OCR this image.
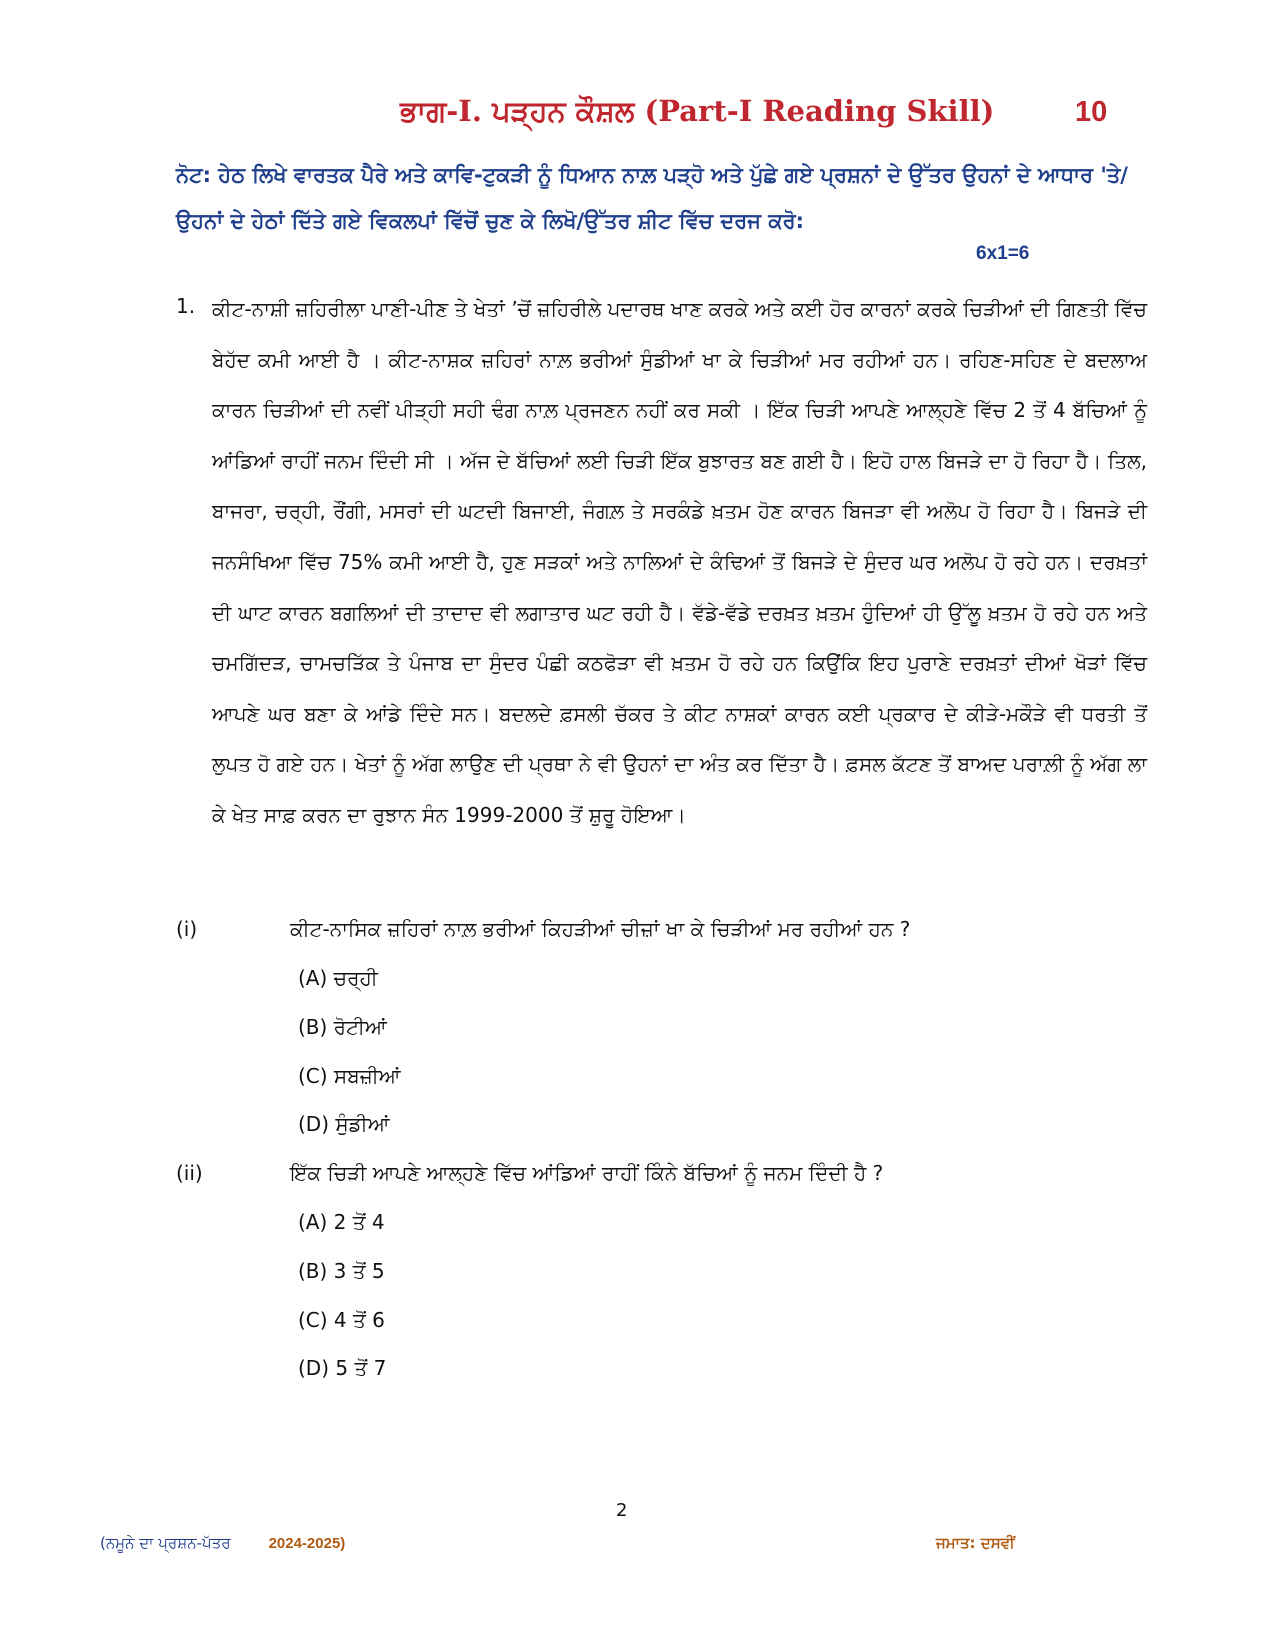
ਭਾਗ-I. ਪੜ੍ਹਨ ਕੌਸ਼ਲ (Part-I Reading Skill)	10
ਨੋਟ: ਹੇਠ ਲਿਖੇ ਵਾਰਤਕ ਪੈਰੇ ਅਤੇ ਕਾਵਿ-ਟੁਕੜੀ ਨੂੰ ਧਿਆਨ ਨਾਲ਼ ਪੜ੍ਹੋ ਅਤੇ ਪੁੱਛੇ ਗਏ ਪ੍ਰਸ਼ਨਾਂ ਦੇ ਉੱਤਰ ਉਹਨਾਂ ਦੇ ਆਧਾਰ 'ਤੇ/ ਉਹਨਾਂ ਦੇ ਹੇਠਾਂ ਦਿੱਤੇ ਗਏ ਵਿਕਲਪਾਂ ਵਿੱਚੋਂ ਚੁਣ ਕੇ ਲਿਖੋ/ਉੱਤਰ ਸ਼ੀਟ ਵਿੱਚ ਦਰਜ ਕਰੋ:
6x1=6
1. ਕੀਟ-ਨਾਸ਼ੀ ਜ਼ਹਿਰੀਲਾ ਪਾਣੀ-ਪੀਣ ਤੇ ਖੇਤਾਂ ’ਚੋਂ ਜ਼ਹਿਰੀਲੇ ਪਦਾਰਥ ਖਾਣ ਕਰਕੇ ਅਤੇ ਕਈ ਹੋਰ ਕਾਰਨਾਂ ਕਰਕੇ ਚਿੜੀਆਂ ਦੀ ਗਿਣਤੀ ਵਿੱਚ ਬੇਹੱਦ ਕਮੀ ਆਈ ਹੈ । ਕੀਟ-ਨਾਸ਼ਕ ਜ਼ਹਿਰਾਂ ਨਾਲ਼ ਭਰੀਆਂ ਸੁੰਡੀਆਂ ਖਾ ਕੇ ਚਿੜੀਆਂ ਮਰ ਰਹੀਆਂ ਹਨ। ਰਹਿਣ-ਸਹਿਣ ਦੇ ਬਦਲਾਅ ਕਾਰਨ ਚਿੜੀਆਂ ਦੀ ਨਵੀਂ ਪੀੜ੍ਹੀ ਸਹੀ ਢੰਗ ਨਾਲ਼ ਪ੍ਰਜਣਨ ਨਹੀਂ ਕਰ ਸਕੀ । ਇੱਕ ਚਿੜੀ ਆਪਣੇ ਆਲ੍ਹਣੇ ਵਿੱਚ 2 ਤੋਂ 4 ਬੱਚਿਆਂ ਨੂੰ ਆਂਡਿਆਂ ਰਾਹੀਂ ਜਨਮ ਦਿੰਦੀ ਸੀ । ਅੱਜ ਦੇ ਬੱਚਿਆਂ ਲਈ ਚਿੜੀ ਇੱਕ ਬੁਝਾਰਤ ਬਣ ਗਈ ਹੈ। ਇਹੋ ਹਾਲ ਬਿਜੜੇ ਦਾ ਹੋ ਰਿਹਾ ਹੈ। ਤਿਲ, ਬਾਜਰਾ, ਚਰ੍ਹੀ, ਰੌਂਗੀ, ਮਸਰਾਂ ਦੀ ਘਟਦੀ ਬਿਜਾਈ, ਜੰਗਲ਼ ਤੇ ਸਰਕੰਡੇ ਖ਼ਤਮ ਹੋਣ ਕਾਰਨ ਬਿਜੜਾ ਵੀ ਅਲੋਪ ਹੋ ਰਿਹਾ ਹੈ। ਬਿਜੜੇ ਦੀ ਜਨਸੰਖਿਆ ਵਿੱਚ 75% ਕਮੀ ਆਈ ਹੈ, ਹੁਣ ਸੜਕਾਂ ਅਤੇ ਨਾਲਿਆਂ ਦੇ ਕੰਢਿਆਂ ਤੋਂ ਬਿਜੜੇ ਦੇ ਸੁੰਦਰ ਘਰ ਅਲੋਪ ਹੋ ਰਹੇ ਹਨ। ਦਰਖ਼ਤਾਂ ਦੀ ਘਾਟ ਕਾਰਨ ਬਗਲਿਆਂ ਦੀ ਤਾਦਾਦ ਵੀ ਲਗਾਤਾਰ ਘਟ ਰਹੀ ਹੈ। ਵੱਡੇ-ਵੱਡੇ ਦਰਖ਼ਤ ਖ਼ਤਮ ਹੁੰਦਿਆਂ ਹੀ ਉੱਲੂ ਖ਼ਤਮ ਹੋ ਰਹੇ ਹਨ ਅਤੇ ਚਮਗਿੱਦੜ, ਚਾਮਚੜਿੱਕ ਤੇ ਪੰਜਾਬ ਦਾ ਸੁੰਦਰ ਪੰਛੀ ਕਠਫੋੜਾ ਵੀ ਖ਼ਤਮ ਹੋ ਰਹੇ ਹਨ ਕਿਉਂਕਿ ਇਹ ਪੁਰਾਣੇ ਦਰਖ਼ਤਾਂ ਦੀਆਂ ਖੋੜਾਂ ਵਿੱਚ ਆਪਣੇ ਘਰ ਬਣਾ ਕੇ ਆਂਡੇ ਦਿੰਦੇ ਸਨ। ਬਦਲਦੇ ਫ਼ਸਲੀ ਚੱਕਰ ਤੇ ਕੀਟ ਨਾਸ਼ਕਾਂ ਕਾਰਨ ਕਈ ਪ੍ਰਕਾਰ ਦੇ ਕੀੜੇ-ਮਕੌੜੇ ਵੀ ਧਰਤੀ ਤੋਂ ਲੁਪਤ ਹੋ ਗਏ ਹਨ। ਖੇਤਾਂ ਨੂੰ ਅੱਗ ਲਾਉਣ ਦੀ ਪ੍ਰਥਾ ਨੇ ਵੀ ਉਹਨਾਂ ਦਾ ਅੰਤ ਕਰ ਦਿੱਤਾ ਹੈ। ਫ਼ਸਲ ਕੱਟਣ ਤੋਂ ਬਾਅਦ ਪਰਾਲ਼ੀ ਨੂੰ ਅੱਗ ਲਾ ਕੇ ਖੇਤ ਸਾਫ਼ ਕਰਨ ਦਾ ਰੁਝਾਨ ਸੰਨ 1999-2000 ਤੋਂ ਸ਼ੁਰੂ ਹੋਇਆ।
(i)	ਕੀਟ-ਨਾਸਿਕ ਜ਼ਹਿਰਾਂ ਨਾਲ਼ ਭਰੀਆਂ ਕਿਹੜੀਆਂ ਚੀਜ਼ਾਂ ਖਾ ਕੇ ਚਿੜੀਆਂ ਮਰ ਰਹੀਆਂ ਹਨ ?
(A) ਚਰ੍ਹੀ
(B) ਰੋਟੀਆਂ
(C) ਸਬਜ਼ੀਆਂ
(D) ਸੁੰਡੀਆਂ
(ii)	ਇੱਕ ਚਿੜੀ ਆਪਣੇ ਆਲ੍ਹਣੇ ਵਿੱਚ ਆਂਡਿਆਂ ਰਾਹੀਂ ਕਿੰਨੇ ਬੱਚਿਆਂ ਨੂੰ ਜਨਮ ਦਿੰਦੀ ਹੈ ?
(A) 2 ਤੋਂ 4
(B) 3 ਤੋਂ 5
(C) 4 ਤੋਂ 6
(D) 5 ਤੋਂ 7
2
(ਨਮੂਨੇ ਦਾ ਪ੍ਰਸ਼ਨ-ਪੱਤਰ	2024-2025)	ਜਮਾਤ: ਦਸਵੀਂ
